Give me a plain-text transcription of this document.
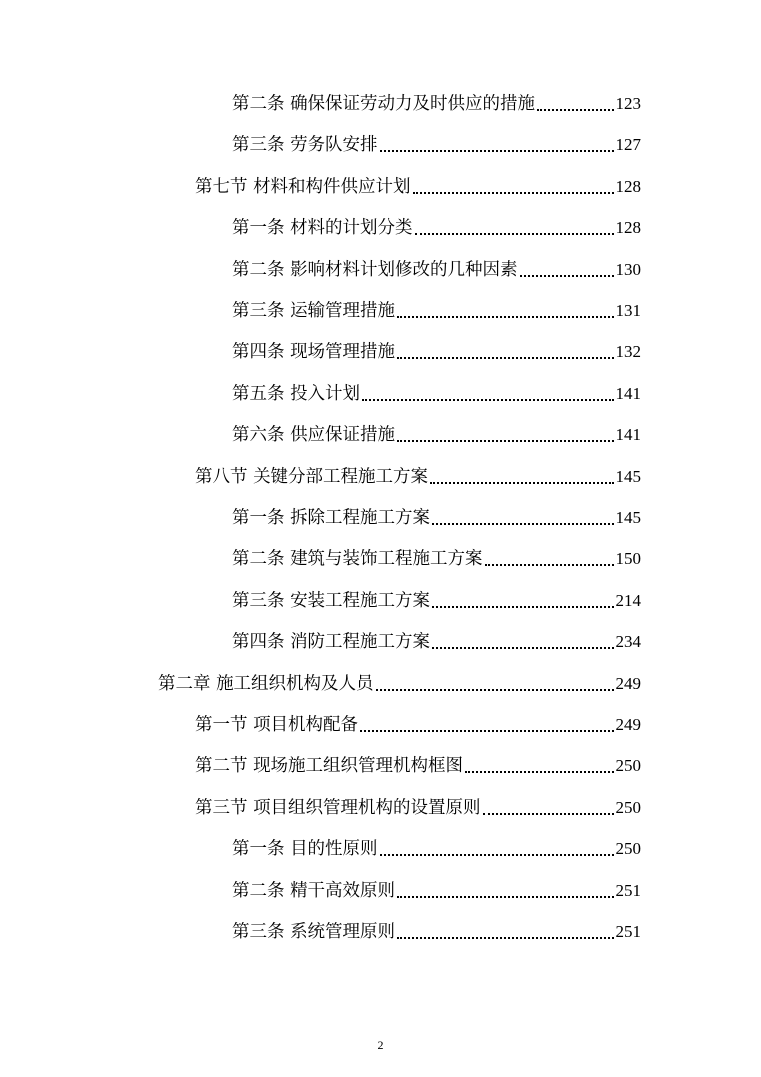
第二条 确保保证劳动力及时供应的措施	123
第三条 劳务队安排	127
第七节 材料和构件供应计划	128
第一条 材料的计划分类	128
第二条 影响材料计划修改的几种因素	130
第三条 运输管理措施	131
第四条 现场管理措施	132
第五条 投入计划	141
第六条 供应保证措施	141
第八节 关键分部工程施工方案	145
第一条 拆除工程施工方案	145
第二条 建筑与装饰工程施工方案	150
第三条 安装工程施工方案	214
第四条 消防工程施工方案	234
第二章 施工组织机构及人员	249
第一节 项目机构配备	249
第二节 现场施工组织管理机构框图	250
第三节 项目组织管理机构的设置原则	250
第一条 目的性原则	250
第二条 精干高效原则	251
第三条 系统管理原则	251
2
